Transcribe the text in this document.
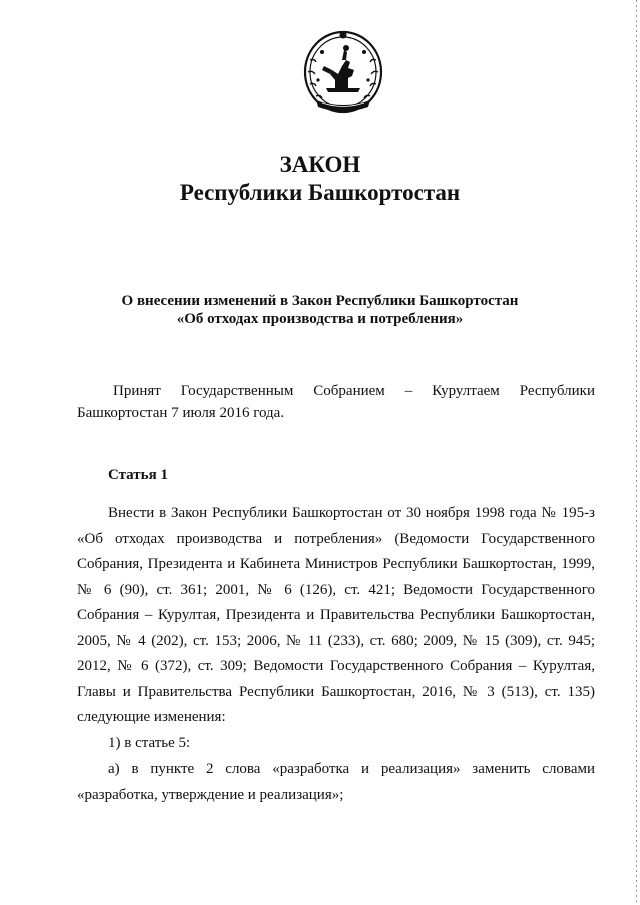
ЗАКОН
Республики Башкортостан

О внесении изменений в Закон Республики Башкортостан

«Об отходах производства и потребления»

Принят Государственным Собранием – Курултаем Республики Башкортостан 7 июля 2016 года.

Статья 1

Внести в Закон Республики Башкортостан от 30 ноября 1998 года № 195-з «Об отходах производства и потребления» (Ведомости Государственного Собрания, Президента и Кабинета Министров Республики Башкортостан, 1999, № 6 (90), ст. 361; 2001, № 6 (126), ст. 421; Ведомости Государственного Собрания – Курултая, Президента и Правительства Республики Башкортостан, 2005, № 4 (202), ст. 153; 2006, № 11 (233), ст. 680; 2009, № 15 (309), ст. 945; 2012, № 6 (372), ст. 309; Ведомости Государственного Собрания – Курултая, Главы и Правительства Республики Башкортостан, 2016, № 3 (513), ст. 135) следующие изменения:

1) в статье 5:

а) в пункте 2 слова «разработка и реализация» заменить словами «разработка, утверждение и реализация»;
